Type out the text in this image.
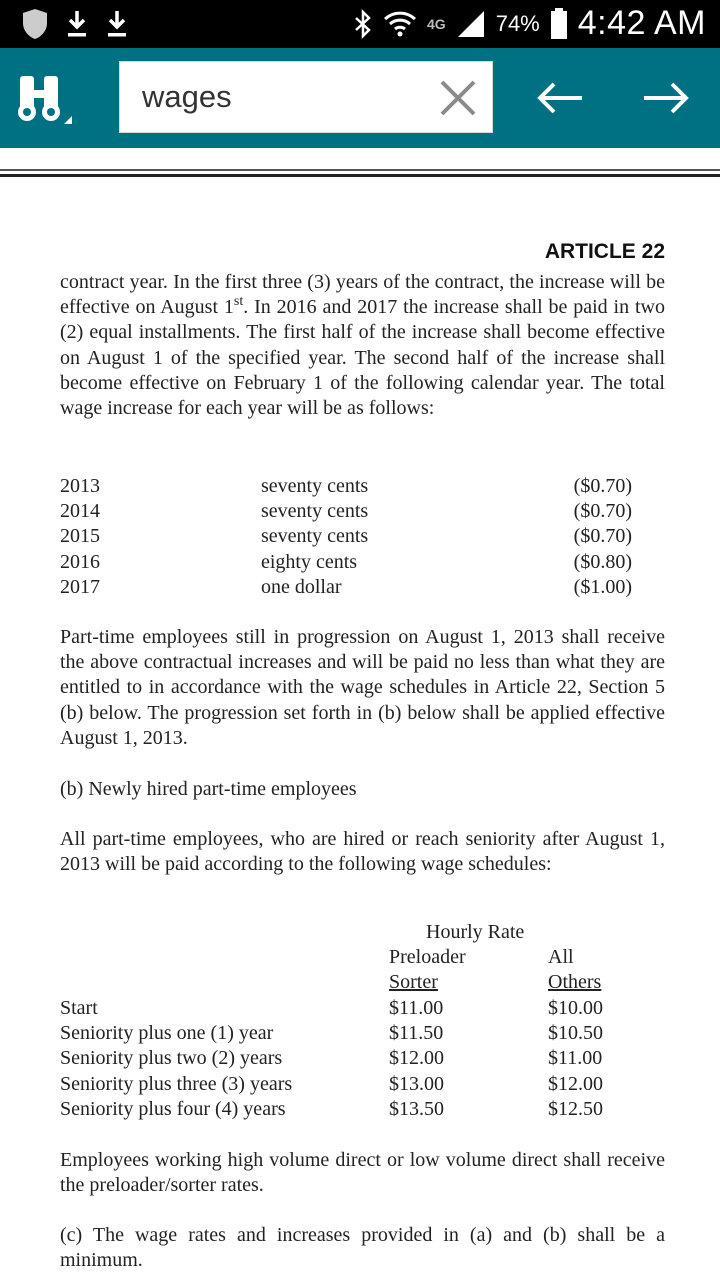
4G 74% 4:42 AM
wages
ARTICLE 22

contract year. In the first three (3) years of the contract, the increase will be effective on August 1st. In 2016 and 2017 the increase shall be paid in two (2) equal installments. The first half of the increase shall become effective on August 1 of the specified year. The second half of the increase shall become effective on February 1 of the following calendar year. The total wage increase for each year will be as follows:

2013	seventy cents	($0.70)
2014	seventy cents	($0.70)
2015	seventy cents	($0.70)
2016	eighty cents	($0.80)
2017	one dollar	($1.00)

Part-time employees still in progression on August 1, 2013 shall receive the above contractual increases and will be paid no less than what they are entitled to in accordance with the wage schedules in Article 22, Section 5 (b) below. The progression set forth in (b) below shall be applied effective August 1, 2013.

(b) Newly hired part-time employees

All part-time employees, who are hired or reach seniority after August 1, 2013 will be paid according to the following wage schedules:

Hourly Rate
Preloader
Sorter
All
Others
Start	$11.00	$10.00
Seniority plus one (1) year	$11.50	$10.50
Seniority plus two (2) years	$12.00	$11.00
Seniority plus three (3) years	$13.00	$12.00
Seniority plus four (4) years	$13.50	$12.50

Employees working high volume direct or low volume direct shall receive the preloader/sorter rates.

(c) The wage rates and increases provided in (a) and (b) shall be a minimum.
